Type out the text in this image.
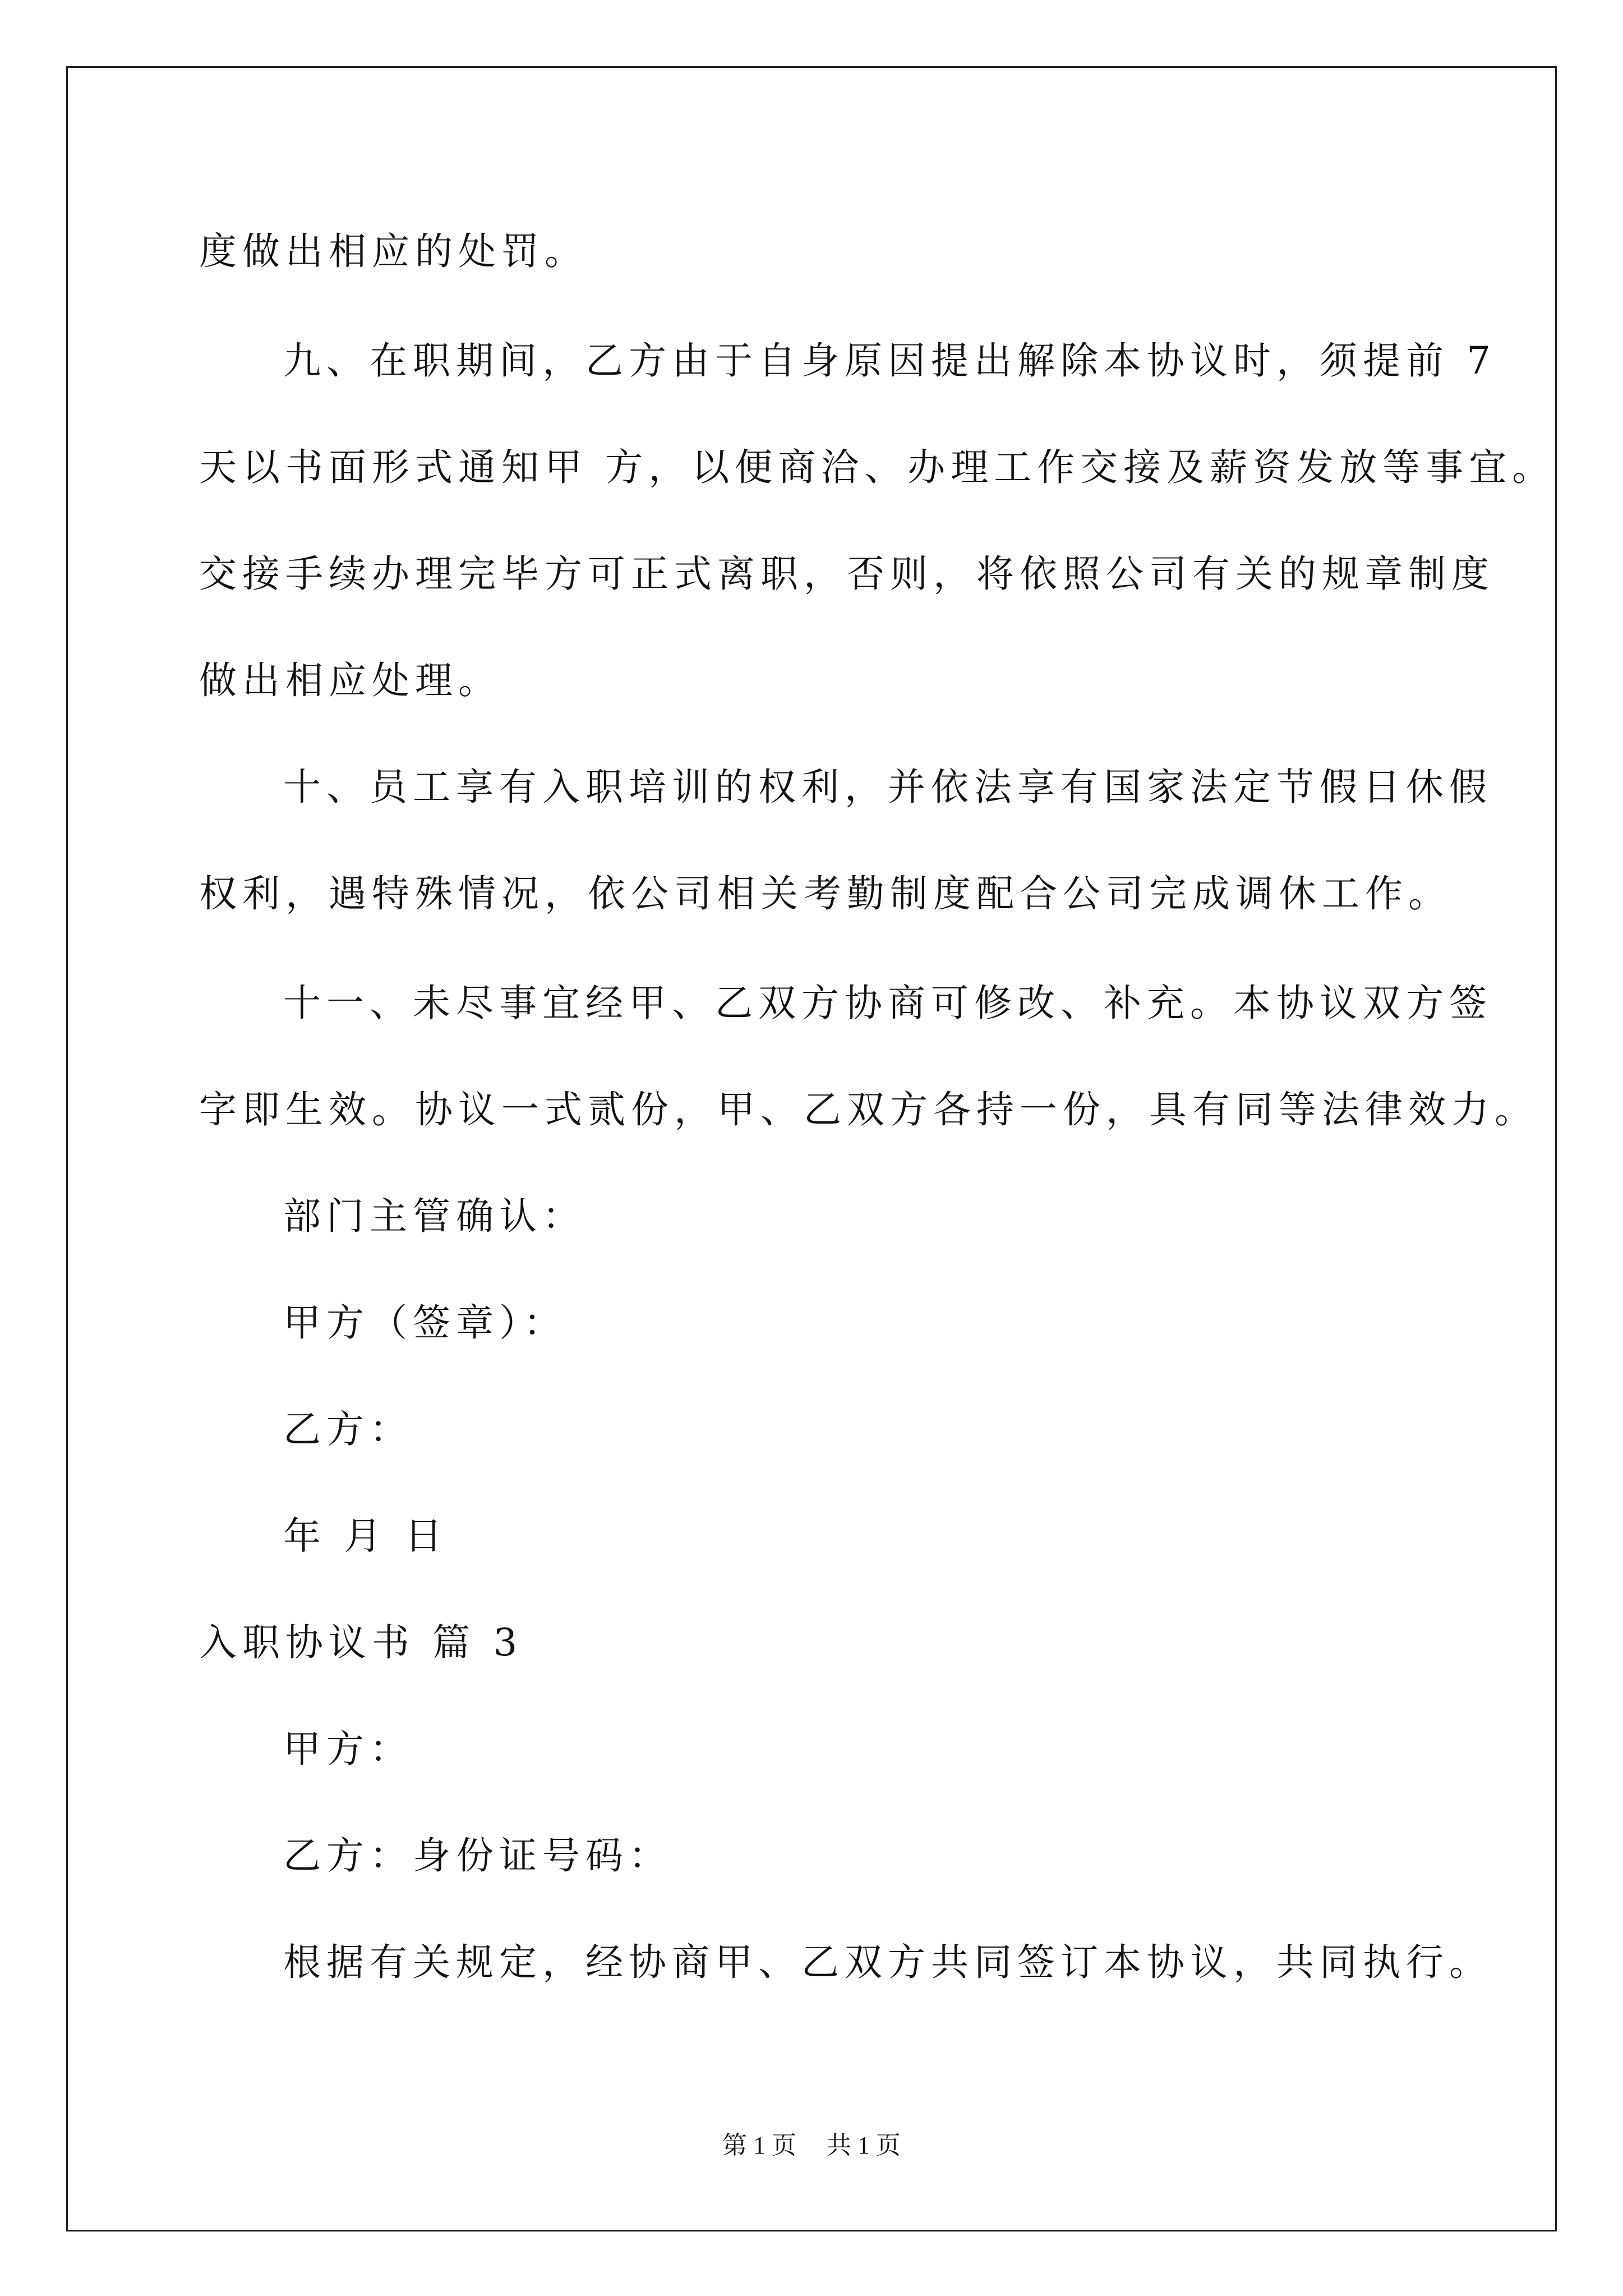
度做出相应的处罚。
九、在职期间，乙方由于自身原因提出解除本协议时，须提前 7
天以书面形式通知甲 方，以便商洽、办理工作交接及薪资发放等事宜。
交接手续办理完毕方可正式离职，否则，将依照公司有关的规章制度
做出相应处理。
十、员工享有入职培训的权利，并依法享有国家法定节假日休假
权利，遇特殊情况，依公司相关考勤制度配合公司完成调休工作。
十一、未尽事宜经甲、乙双方协商可修改、补充。本协议双方签
字即生效。协议一式贰份，甲、乙双方各持一份，具有同等法律效力。
部门主管确认：
甲方（签章）：
乙方：
年 月 日
入职协议书 篇 3
甲方：
乙方：身份证号码：
根据有关规定，经协商甲、乙双方共同签订本协议，共同执行。
第 1 页 共 1 页
